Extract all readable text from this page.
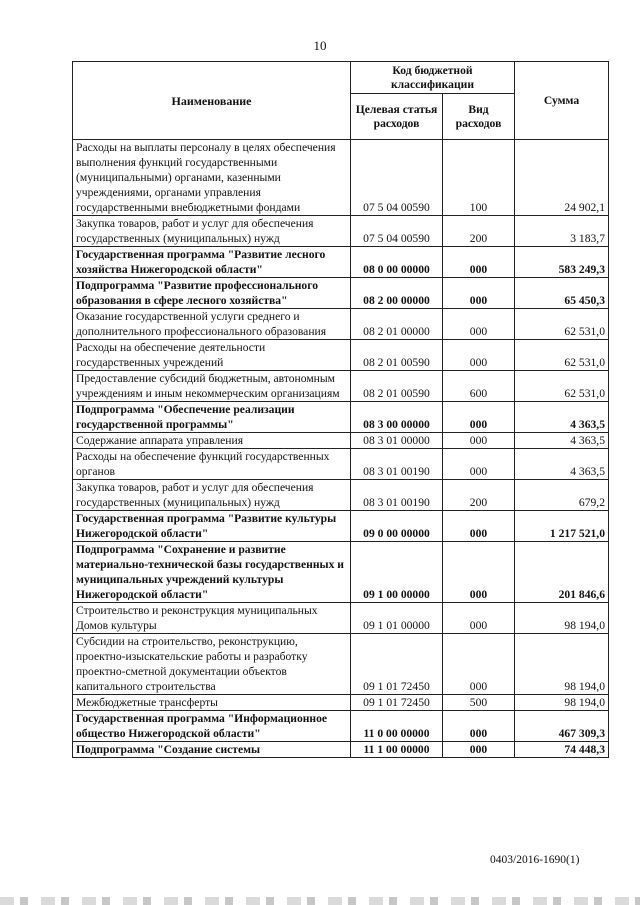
10
Наименование	Код бюджетной классификации		Сумма
	Целевая статья расходов	Вид расходов	
Расходы на выплаты персоналу в целях обеспечения выполнения функций государственными (муниципальными) органами, казенными учреждениями, органами управления государственными внебюджетными фондами	07 5 04 00590	100	24 902,1
Закупка товаров, работ и услуг для обеспечения государственных (муниципальных) нужд	07 5 04 00590	200	3 183,7
Государственная программа "Развитие лесного хозяйства Нижегородской области"	08 0 00 00000	000	583 249,3
Подпрограмма "Развитие профессионального образования в сфере лесного хозяйства"	08 2 00 00000	000	65 450,3
Оказание государственной услуги среднего и дополнительного профессионального образования	08 2 01 00000	000	62 531,0
Расходы на обеспечение деятельности государственных учреждений	08 2 01 00590	000	62 531,0
Предоставление субсидий бюджетным, автономным учреждениям и иным некоммерческим организациям	08 2 01 00590	600	62 531,0
Подпрограмма "Обеспечение реализации государственной программы"	08 3 00 00000	000	4 363,5
Содержание аппарата управления	08 3 01 00000	000	4 363,5
Расходы на обеспечение функций государственных органов	08 3 01 00190	000	4 363,5
Закупка товаров, работ и услуг для обеспечения государственных (муниципальных) нужд	08 3 01 00190	200	679,2
Государственная программа "Развитие культуры Нижегородской области"	09 0 00 00000	000	1 217 521,0
Подпрограмма "Сохранение и развитие материально-технической базы государственных и муниципальных учреждений культуры Нижегородской области"	09 1 00 00000	000	201 846,6
Строительство и реконструкция муниципальных Домов культуры	09 1 01 00000	000	98 194,0
Субсидии на строительство, реконструкцию, проектно-изыскательские работы и разработку проектно-сметной документации объектов капитального строительства	09 1 01 72450	000	98 194,0
Межбюджетные трансферты	09 1 01 72450	500	98 194,0
Государственная программа "Информационное общество Нижегородской области"	11 0 00 00000	000	467 309,3
Подпрограмма "Создание системы	11 1 00 00000	000	74 448,3
0403/2016-1690(1)
